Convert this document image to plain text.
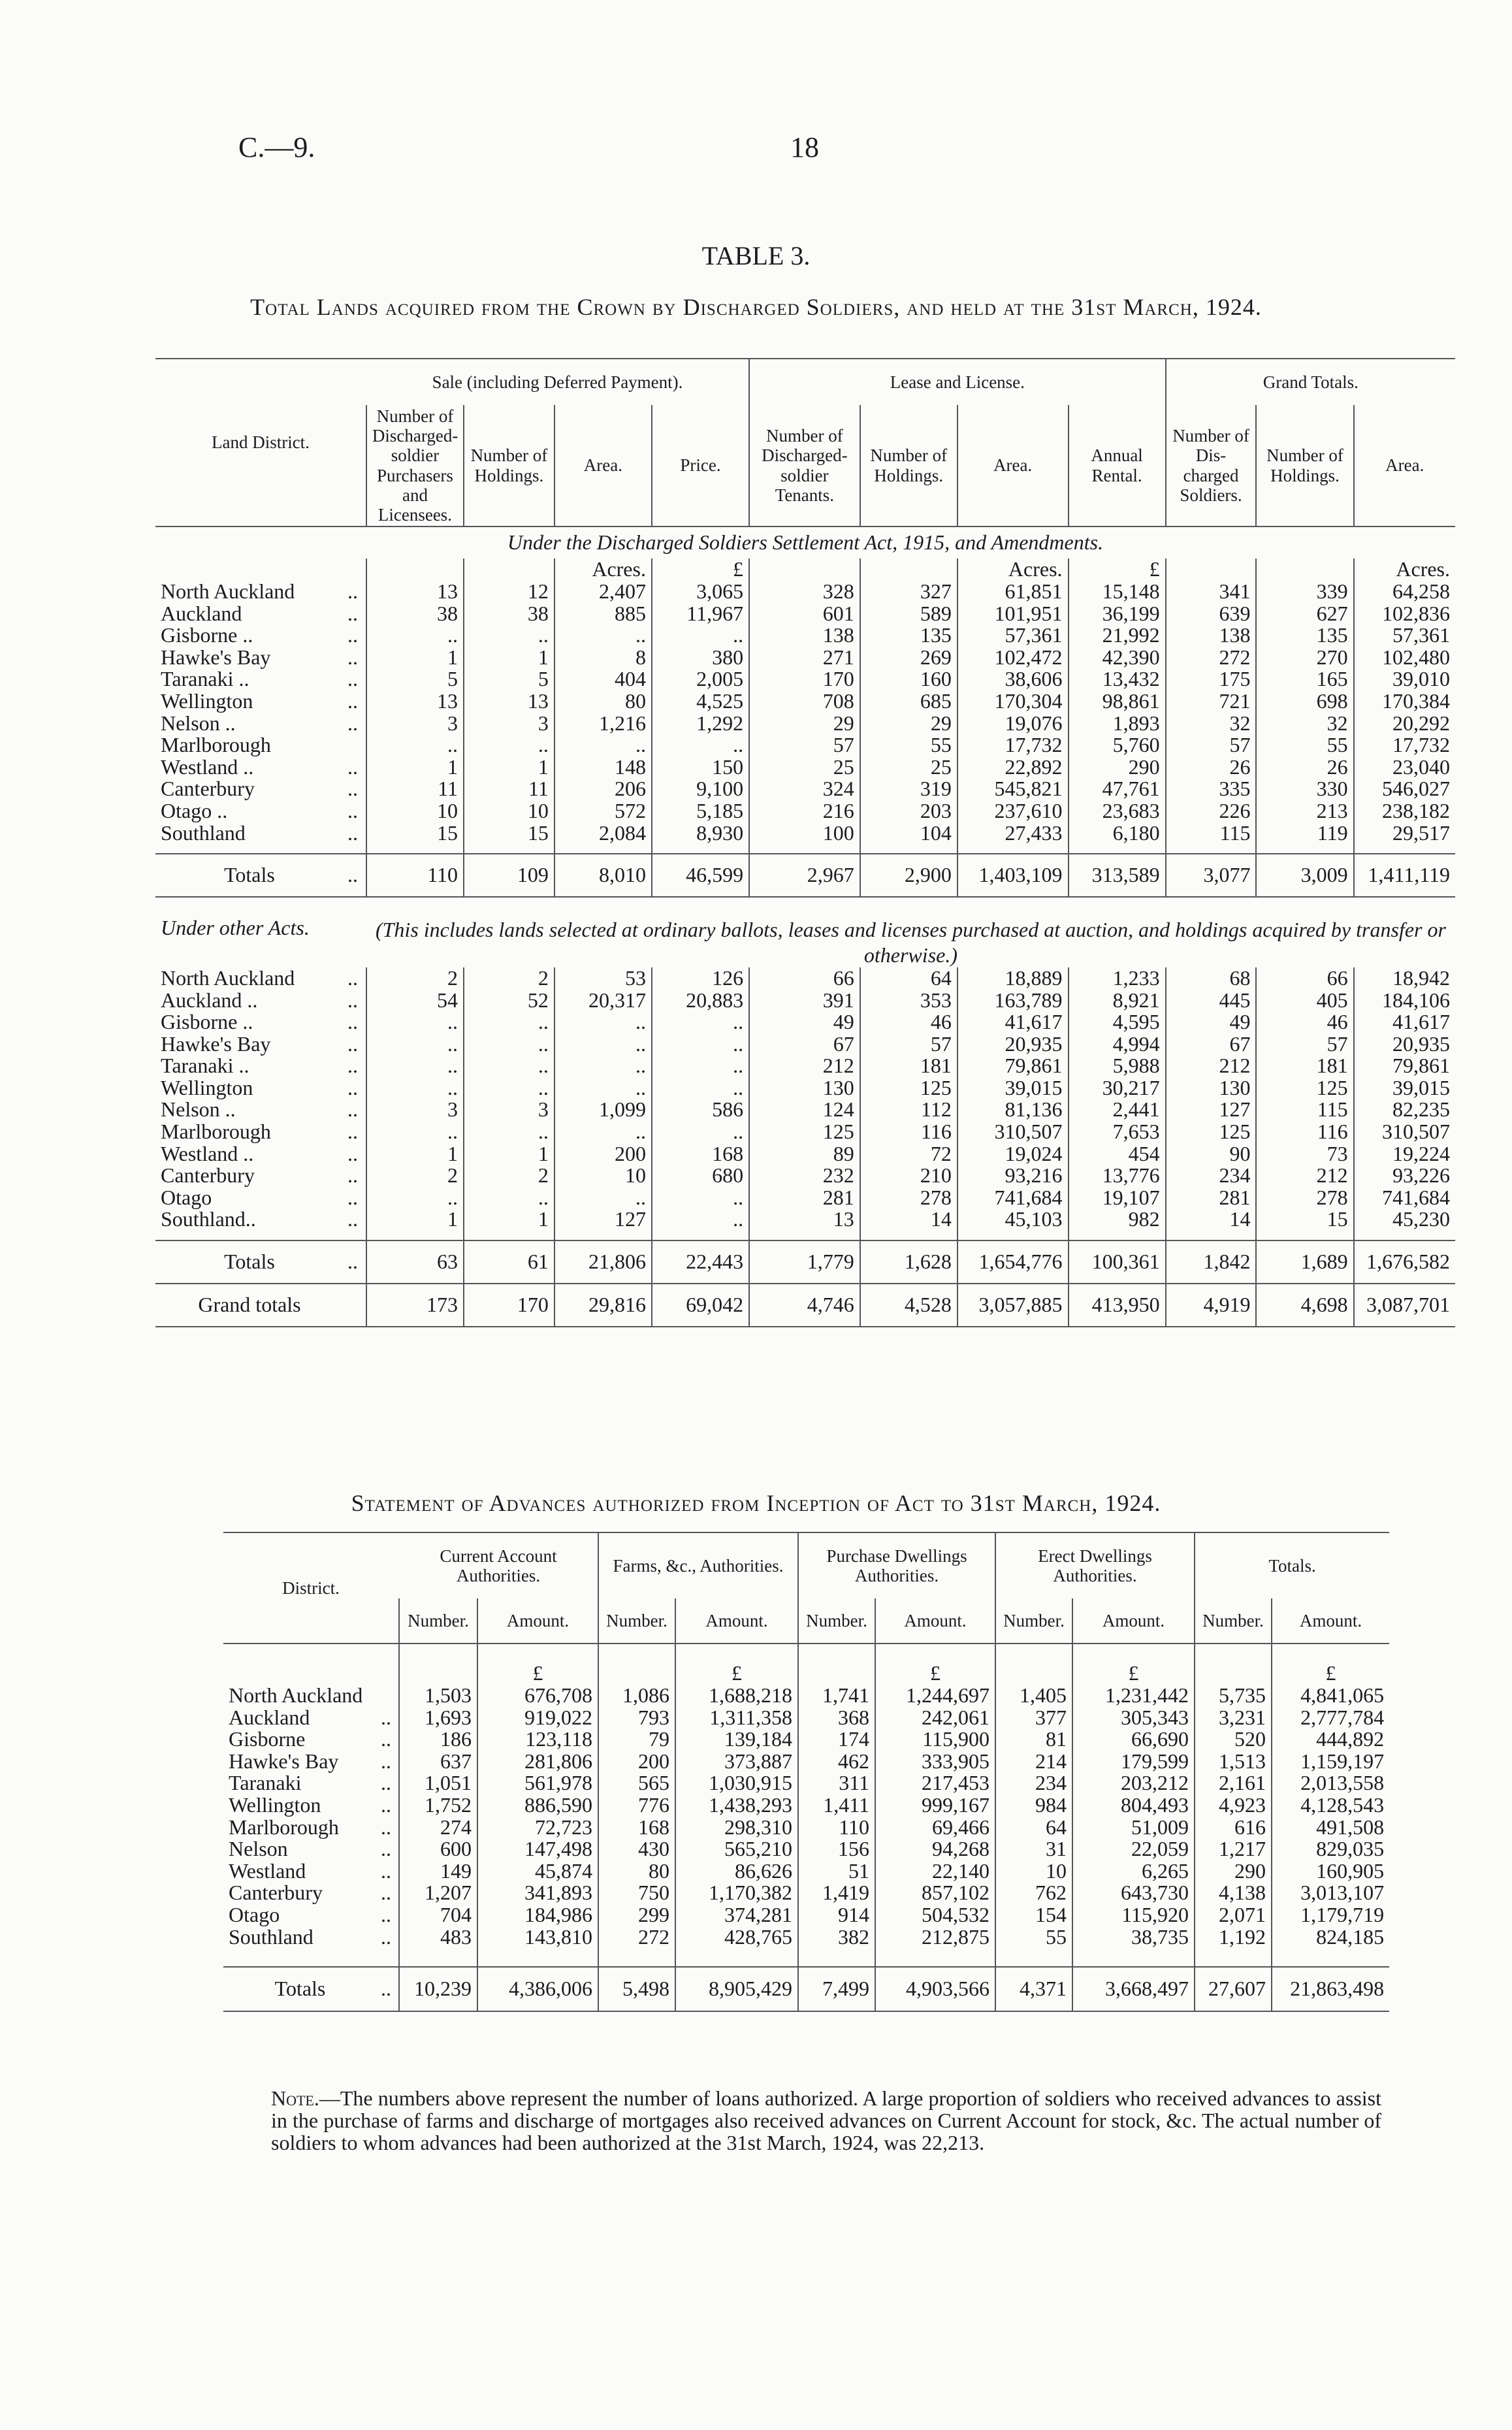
C.—9.	18
TABLE 3.
Total Lands acquired from the Crown by Discharged Soldiers, and held at the 31st March, 1924.
Land District.		Sale (including Deferred Payment).				Lease and License.				Grand Totals.		
		Number of Discharged-soldier Purchasers and Licensees.	Number of Holdings.	Area.	Price.	Number of Discharged-soldier Tenants.	Number of Holdings.	Area.	Annual Rental.	Number of Dis-charged Soldiers.	Number of Holdings.	Area.
Under the Discharged Soldiers Settlement Act, 1915, and Amendments.												
				Acres.	£			Acres.	£			Acres.
North Auckland	..	13	12	2,407	3,065	328	327	61,851	15,148	341	339	64,258
Auckland	..	38	38	885	11,967	601	589	101,951	36,199	639	627	102,836
Gisborne ..	..	..	..	..	..	138	135	57,361	21,992	138	135	57,361
Hawke's Bay	..	1	1	8	380	271	269	102,472	42,390	272	270	102,480
Taranaki ..	..	5	5	404	2,005	170	160	38,606	13,432	175	165	39,010
Wellington	..	13	13	80	4,525	708	685	170,304	98,861	721	698	170,384
Nelson ..	..	3	3	1,216	1,292	29	29	19,076	1,893	32	32	20,292
Marlborough		..	..	..	..	57	55	17,732	5,760	57	55	17,732
Westland ..	..	1	1	148	150	25	25	22,892	290	26	26	23,040
Canterbury	..	11	11	206	9,100	324	319	545,821	47,761	335	330	546,027
Otago ..	..	10	10	572	5,185	216	203	237,610	23,683	226	213	238,182
Southland	..	15	15	2,084	8,930	100	104	27,433	6,180	115	119	29,517

Totals	..	110	109	8,010	46,599	2,967	2,900	1,403,109	313,589	3,077	3,009	1,411,119
Under other Acts.		(This includes lands selected at ordinary ballots, leases and licenses purchased at auction, and holdings acquired by transfer or otherwise.)										
North Auckland	..	2	2	53	126	66	64	18,889	1,233	68	66	18,942
Auckland ..	..	54	52	20,317	20,883	391	353	163,789	8,921	445	405	184,106
Gisborne ..	..	..	..	..	..	49	46	41,617	4,595	49	46	41,617
Hawke's Bay	..	..	..	..	..	67	57	20,935	4,994	67	57	20,935
Taranaki ..	..	..	..	..	..	212	181	79,861	5,988	212	181	79,861
Wellington	..	..	..	..	..	130	125	39,015	30,217	130	125	39,015
Nelson ..	..	3	3	1,099	586	124	112	81,136	2,441	127	115	82,235
Marlborough	..	..	..	..	..	125	116	310,507	7,653	125	116	310,507
Westland ..	..	1	1	200	168	89	72	19,024	454	90	73	19,224
Canterbury	..	2	2	10	680	232	210	93,216	13,776	234	212	93,226
Otago	..	..	..	..	..	281	278	741,684	19,107	281	278	741,684
Southland..	..	1	1	127	..	13	14	45,103	982	14	15	45,230

Totals	..	63	61	21,806	22,443	1,779	1,628	1,654,776	100,361	1,842	1,689	1,676,582
Grand totals		173	170	29,816	69,042	4,746	4,528	3,057,885	413,950	4,919	4,698	3,087,701
Statement of Advances authorized from Inception of Act to 31st March, 1924.
District.		Current Account Authorities.		Farms, &c., Authorities.		Purchase Dwellings Authorities.		Erect Dwellings Authorities.		Totals.	
		Number.	Amount.	Number.	Amount.	Number.	Amount.	Number.	Amount.	Number.	Amount.

			£		£		£		£		£
North Auckland		1,503	676,708	1,086	1,688,218	1,741	1,244,697	1,405	1,231,442	5,735	4,841,065
Auckland	..	1,693	919,022	793	1,311,358	368	242,061	377	305,343	3,231	2,777,784
Gisborne	..	186	123,118	79	139,184	174	115,900	81	66,690	520	444,892
Hawke's Bay	..	637	281,806	200	373,887	462	333,905	214	179,599	1,513	1,159,197
Taranaki	..	1,051	561,978	565	1,030,915	311	217,453	234	203,212	2,161	2,013,558
Wellington	..	1,752	886,590	776	1,438,293	1,411	999,167	984	804,493	4,923	4,128,543
Marlborough	..	274	72,723	168	298,310	110	69,466	64	51,009	616	491,508
Nelson	..	600	147,498	430	565,210	156	94,268	31	22,059	1,217	829,035
Westland	..	149	45,874	80	86,626	51	22,140	10	6,265	290	160,905
Canterbury	..	1,207	341,893	750	1,170,382	1,419	857,102	762	643,730	4,138	3,013,107
Otago	..	704	184,986	299	374,281	914	504,532	154	115,920	2,071	1,179,719
Southland	..	483	143,810	272	428,765	382	212,875	55	38,735	1,192	824,185

Totals	..	10,239	4,386,006	5,498	8,905,429	7,499	4,903,566	4,371	3,668,497	27,607	21,863,498
Note.—The numbers above represent the number of loans authorized. A large proportion of soldiers who received advances to assist in the purchase of farms and discharge of mortgages also received advances on Current Account for stock, &c. The actual number of soldiers to whom advances had been authorized at the 31st March, 1924, was 22,213.
